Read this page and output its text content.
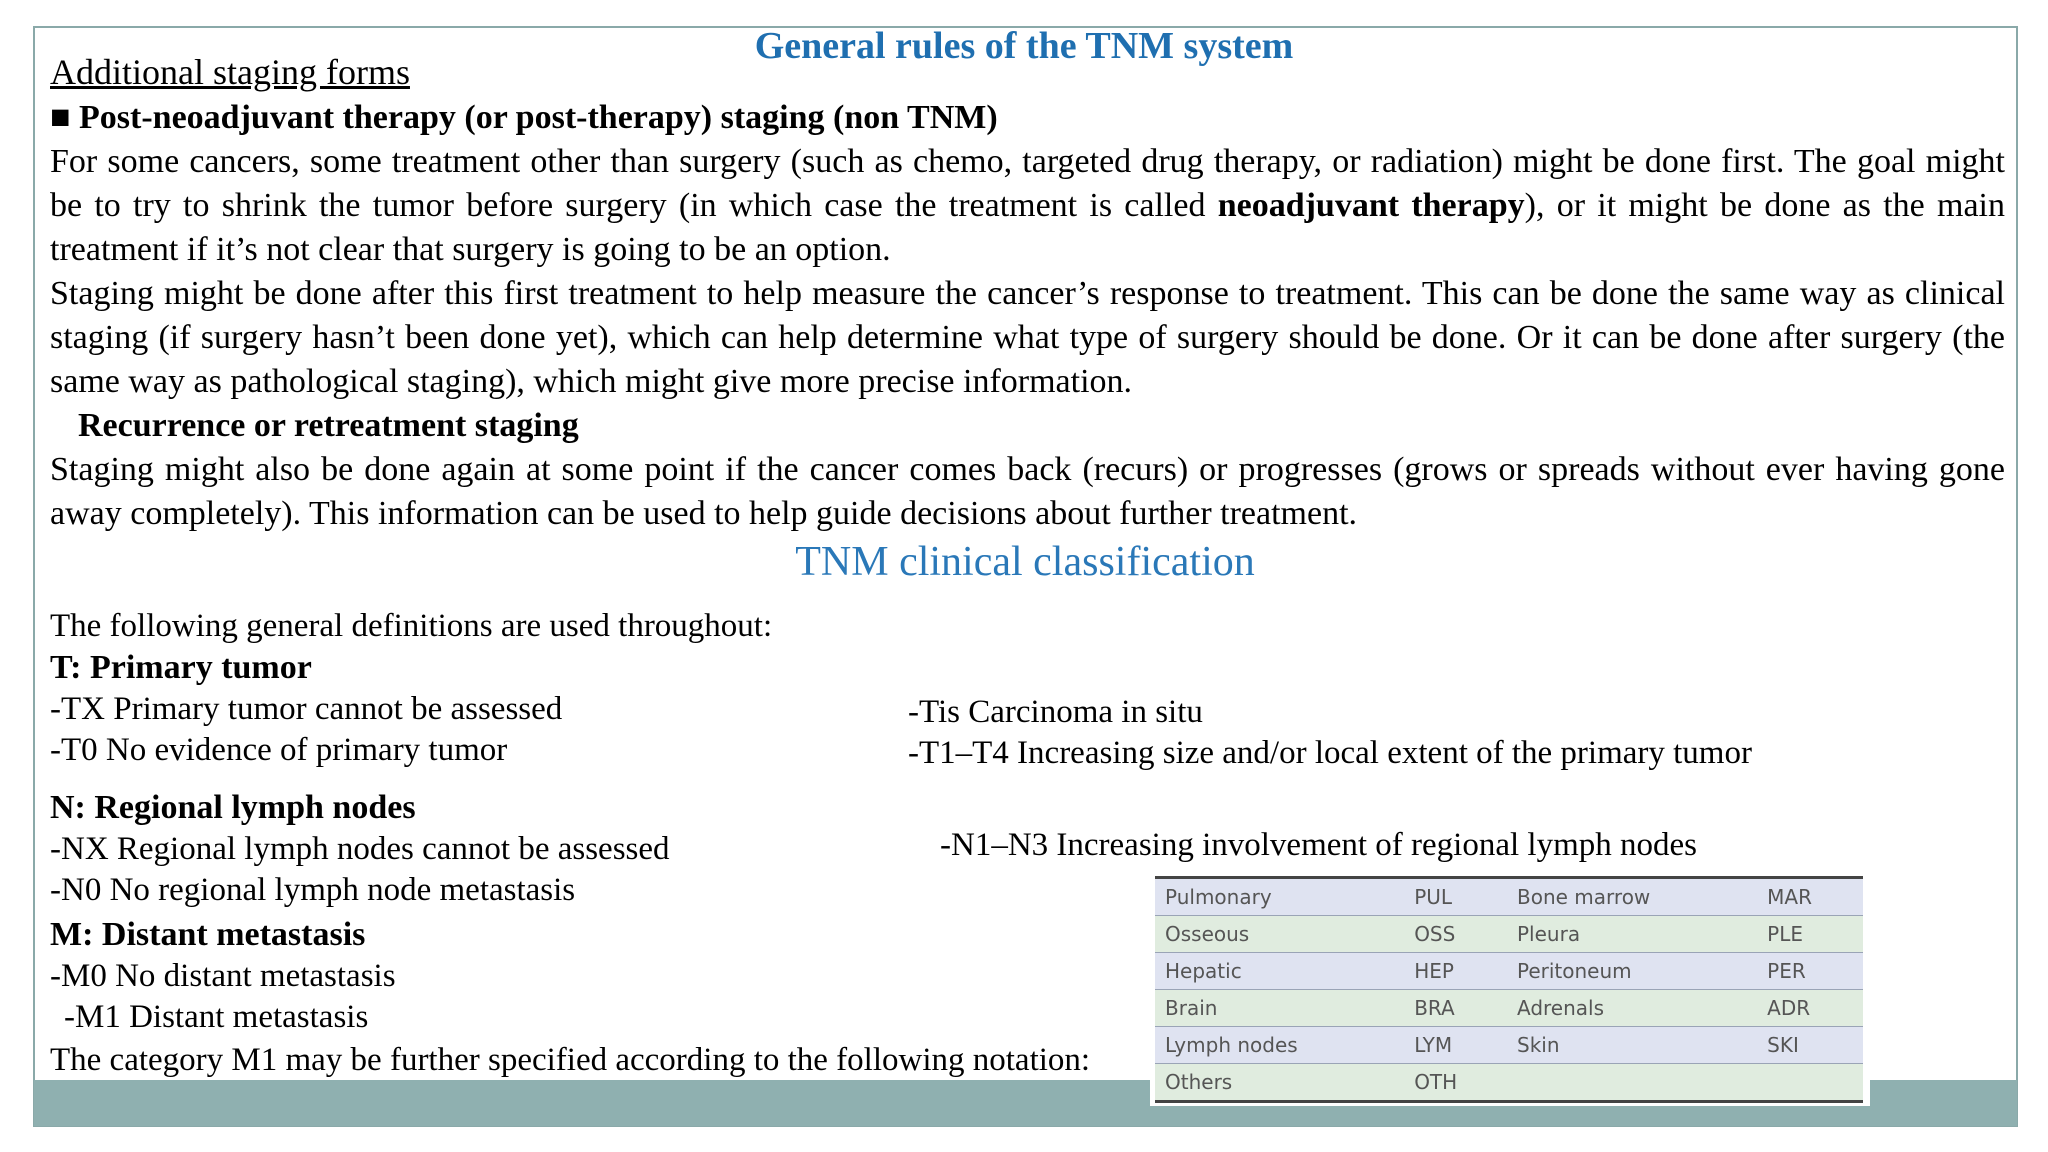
General rules of the TNM system
Additional staging forms
■ Post-neoadjuvant therapy (or post-therapy) staging (non TNM)
For some cancers, some treatment other than surgery (such as chemo, targeted drug therapy, or radiation) might be done first. The goal might be to try to shrink the tumor before surgery (in which case the treatment is called neoadjuvant therapy), or it might be done as the main treatment if it’s not clear that surgery is going to be an option.
Staging might be done after this first treatment to help measure the cancer’s response to treatment. This can be done the same way as clinical staging (if surgery hasn’t been done yet), which can help determine what type of surgery should be done. Or it can be done after surgery (the same way as pathological staging), which might give more precise information.
Recurrence or retreatment staging
Staging might also be done again at some point if the cancer comes back (recurs) or progresses (grows or spreads without ever having gone away completely). This information can be used to help guide decisions about further treatment.
TNM clinical classification
The following general definitions are used throughout:
T: Primary tumor
-TX Primary tumor cannot be assessed
-T0 No evidence of primary tumor
-Tis Carcinoma in situ
-T1–T4 Increasing size and/or local extent of the primary tumor
N: Regional lymph nodes
-NX Regional lymph nodes cannot be assessed
-N0 No regional lymph node metastasis
-N1–N3 Increasing involvement of regional lymph nodes
M: Distant metastasis
-M0 No distant metastasis
-M1 Distant metastasis
The category M1 may be further specified according to the following notation:
Pulmonary	PUL	Bone marrow	MAR
Osseous	OSS	Pleura	PLE
Hepatic	HEP	Peritoneum	PER
Brain	BRA	Adrenals	ADR
Lymph nodes	LYM	Skin	SKI
Others	OTH		
